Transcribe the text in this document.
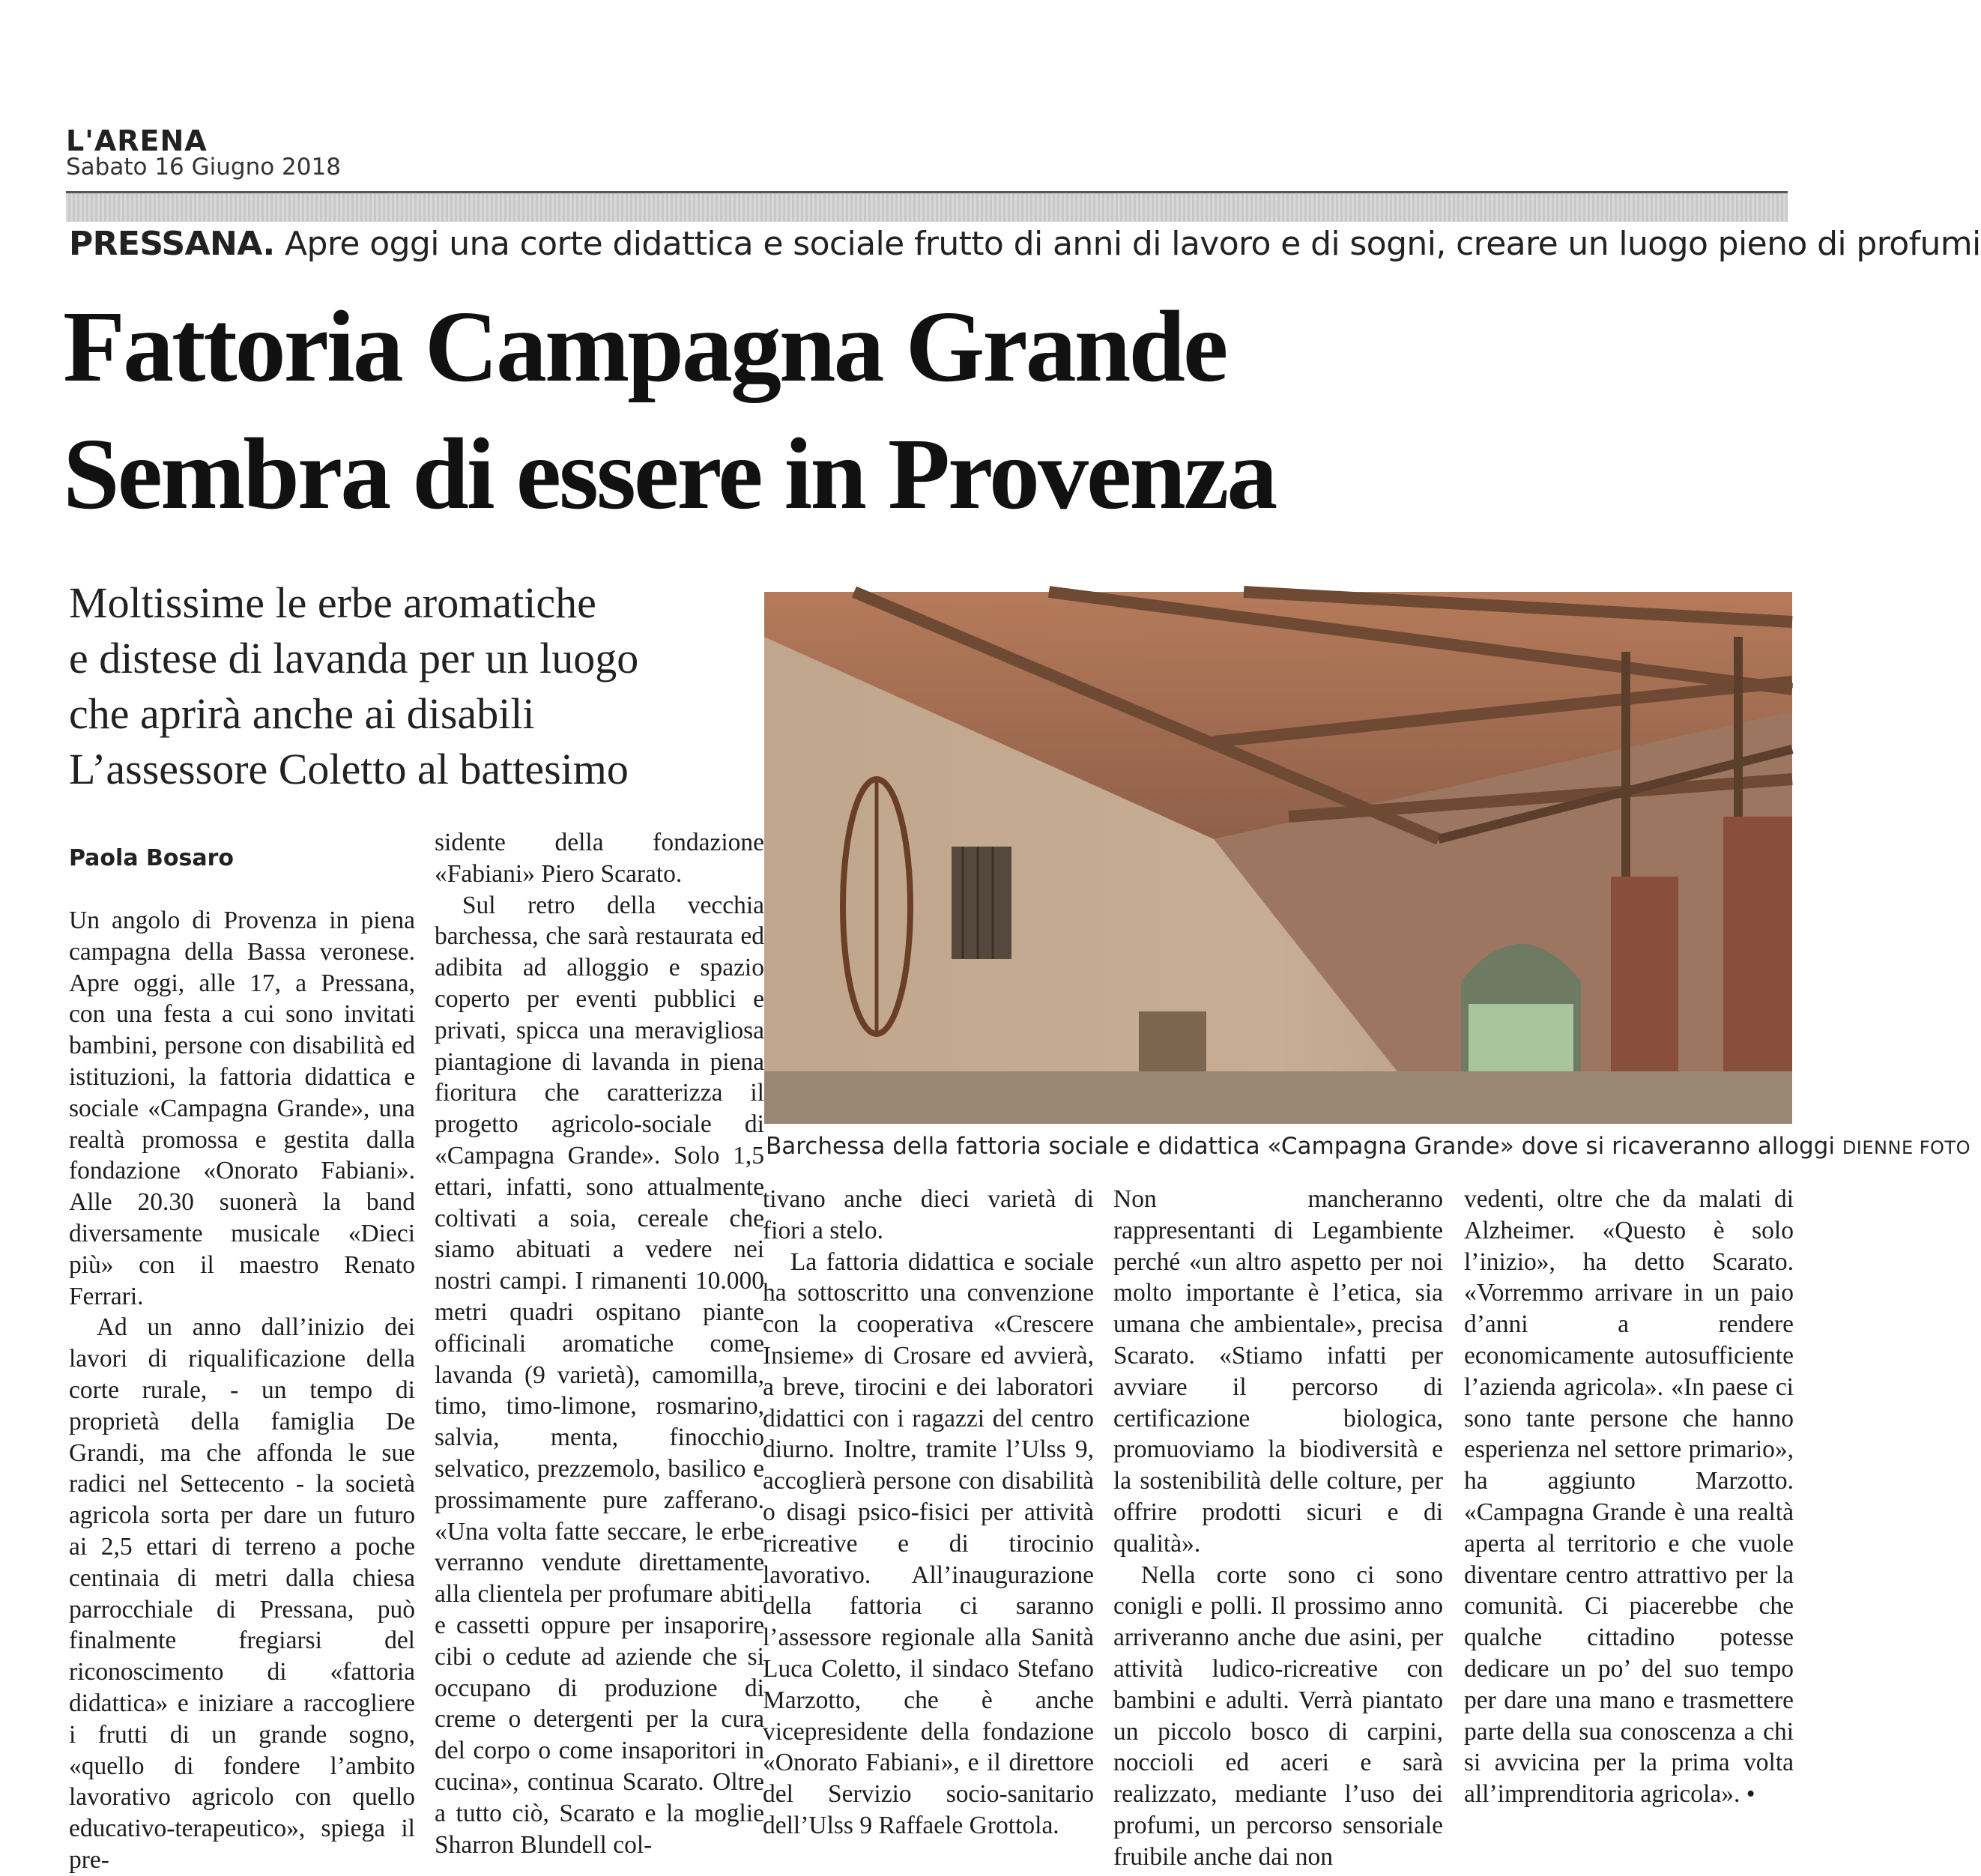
L'ARENA
Sabato 16 Giugno 2018
PRESSANA. Apre oggi una corte didattica e sociale frutto di anni di lavoro e di sogni, creare un luogo pieno di profumi
Fattoria Campagna Grande
Sembra di essere in Provenza
Moltissime le erbe aromatiche
e distese di lavanda per un luogo
che aprirà anche ai disabili
L’assessore Coletto al battesimo
Paola Bosaro

Un angolo di Provenza in piena campagna della Bassa veronese. Apre oggi, alle 17, a Pressana, con una festa a cui sono invitati bambini, persone con disabilità ed istituzioni, la fattoria didattica e sociale «Campagna Grande», una realtà promossa e gestita dalla fondazione «Onorato Fabiani». Alle 20.30 suonerà la band diversamente musicale «Dieci più» con il maestro Renato Ferrari.

Ad un anno dall’inizio dei lavori di riqualificazione della corte rurale, - un tempo di proprietà della famiglia De Grandi, ma che affonda le sue radici nel Settecento - la società agricola sorta per dare un futuro ai 2,5 ettari di terreno a poche centinaia di metri dalla chiesa parrocchiale di Pressana, può finalmente fregiarsi del riconoscimento di «fattoria didattica» e iniziare a raccogliere i frutti di un grande sogno, «quello di fondere l’ambito lavorativo agricolo con quello educativo-terapeutico», spiega il pre-

sidente della fondazione «Fabiani» Piero Scarato.

Sul retro della vecchia barchessa, che sarà restaurata ed adibita ad alloggio e spazio coperto per eventi pubblici e privati, spicca una meravigliosa piantagione di lavanda in piena fioritura che caratterizza il progetto agricolo-sociale di «Campagna Grande». Solo 1,5 ettari, infatti, sono attualmente coltivati a soia, cereale che siamo abituati a vedere nei nostri campi. I rimanenti 10.000 metri quadri ospitano piante officinali aromatiche come lavanda (9 varietà), camomilla, timo, timo-limone, rosmarino, salvia, menta, finocchio selvatico, prezzemolo, basilico e prossimamente pure zafferano. «Una volta fatte seccare, le erbe verranno vendute direttamente alla clientela per profumare abiti e cassetti oppure per insaporire cibi o cedute ad aziende che si occupano di produzione di creme o detergenti per la cura del corpo o come insaporitori in cucina», continua Scarato. Oltre a tutto ciò, Scarato e la moglie Sharron Blundell col-

Barchessa della fattoria sociale e didattica «Campagna Grande» dove si ricaveranno alloggi DIENNE FOTO

tivano anche dieci varietà di fiori a stelo.

La fattoria didattica e sociale ha sottoscritto una convenzione con la cooperativa «Crescere Insieme» di Crosare ed avvierà, a breve, tirocini e dei laboratori didattici con i ragazzi del centro diurno. Inoltre, tramite l’Ulss 9, accoglierà persone con disabilità o disagi psico-fisici per attività ricreative e di tirocinio lavorativo. All’inaugurazione della fattoria ci saranno l’assessore regionale alla Sanità Luca Coletto, il sindaco Stefano Marzotto, che è anche vicepresidente della fondazione «Onorato Fabiani», e il direttore del Servizio socio-sanitario dell’Ulss 9 Raffaele Grottola.

Non mancheranno rappresentanti di Legambiente perché «un altro aspetto per noi molto importante è l’etica, sia umana che ambientale», precisa Scarato. «Stiamo infatti per avviare il percorso di certificazione biologica, promuoviamo la biodiversità e la sostenibilità delle colture, per offrire prodotti sicuri e di qualità».

Nella corte sono ci sono conigli e polli. Il prossimo anno arriveranno anche due asini, per attività ludico-ricreative con bambini e adulti. Verrà piantato un piccolo bosco di carpini, noccioli ed aceri e sarà realizzato, mediante l’uso dei profumi, un percorso sensoriale fruibile anche dai non

vedenti, oltre che da malati di Alzheimer. «Questo è solo l’inizio», ha detto Scarato. «Vorremmo arrivare in un paio d’anni a rendere economicamente autosufficiente l’azienda agricola». «In paese ci sono tante persone che hanno esperienza nel settore primario», ha aggiunto Marzotto. «Campagna Grande è una realtà aperta al territorio e che vuole diventare centro attrattivo per la comunità. Ci piacerebbe che qualche cittadino potesse dedicare un po’ del suo tempo per dare una mano e trasmettere parte della sua conoscenza a chi si avvicina per la prima volta all’imprenditoria agricola». •
